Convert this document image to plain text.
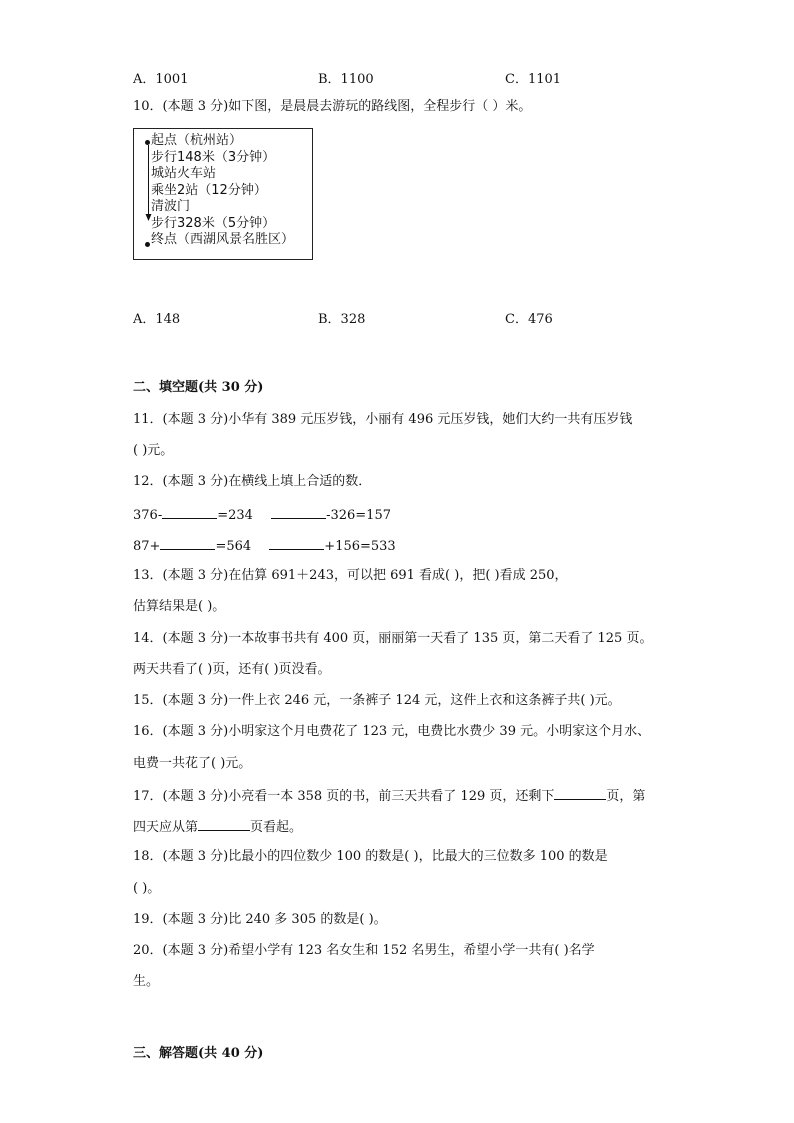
A．1001	B．1100	C．1101
10．(本题 3 分)如下图，是晨晨去游玩的路线图，全程步行（ ）米。
起点（杭州站）
步行148米（3分钟）
城站火车站
乘坐2站（12分钟）
清波门
步行328米（5分钟）
终点（西湖风景名胜区）
A．148	B．328	C．476
二、填空题(共 30 分)
11．(本题 3 分)小华有 389 元压岁钱，小丽有 496 元压岁钱，她们大约一共有压岁钱
( )元。
12．(本题 3 分)在横线上填上合适的数．
376-	=234	-326=157
87+	=564	+156=533
13．(本题 3 分)在估算 691＋243，可以把 691 看成( )，把( )看成 250，
估算结果是( )。
14．(本题 3 分)一本故事书共有 400 页，丽丽第一天看了 135 页，第二天看了 125 页。
两天共看了( )页，还有( )页没看。
15．(本题 3 分)一件上衣 246 元，一条裤子 124 元，这件上衣和这条裤子共( )元。
16．(本题 3 分)小明家这个月电费花了 123 元，电费比水费少 39 元。小明家这个月水、
电费一共花了( )元。
17．(本题 3 分)小亮看一本 358 页的书，前三天共看了 129 页，还剩下	页，第
四天应从第	页看起。
18．(本题 3 分)比最小的四位数少 100 的数是( )，比最大的三位数多 100 的数是
( )。
19．(本题 3 分)比 240 多 305 的数是( )。
20．(本题 3 分)希望小学有 123 名女生和 152 名男生，希望小学一共有( )名学
生。
三、解答题(共 40 分)
